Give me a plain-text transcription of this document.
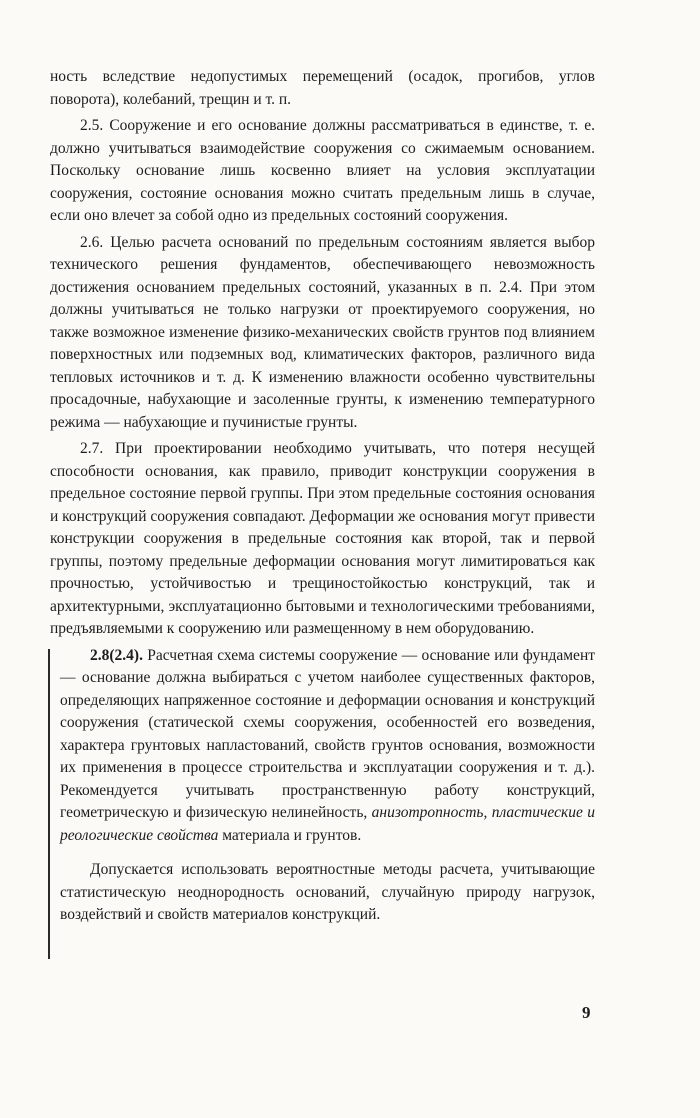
ность вследствие недопустимых перемещений (осадок, прогибов, углов поворота), колебаний, трещин и т. п.

2.5. Сооружение и его основание должны рассматриваться в единстве, т. е. должно учитываться взаимодействие сооружения со сжимаемым основанием. Поскольку основание лишь косвенно влияет на условия эксплуатации сооружения, состояние основания можно считать предельным лишь в случае, если оно влечет за собой одно из предельных состояний сооружения.

2.6. Целью расчета оснований по предельным состояниям является выбор технического решения фундаментов, обеспечивающего невозможность достижения основанием предельных состояний, указанных в п. 2.4. При этом должны учитываться не только нагрузки от проектируемого сооружения, но также возможное изменение физико-механических свойств грунтов под влиянием поверхностных или подземных вод, климатических факторов, различного вида тепловых источников и т. д. К изменению влажности особенно чувствительны просадочные, набухающие и засоленные грунты, к изменению температурного режима — набухающие и пучинистые грунты.

2.7. При проектировании необходимо учитывать, что потеря несущей способности основания, как правило, приводит конструкции сооружения в предельное состояние первой группы. При этом предельные состояния основания и конструкций сооружения совпадают. Деформации же основания могут привести конструкции сооружения в предельные состояния как второй, так и первой группы, поэтому предельные деформации основания могут лимитироваться как прочностью, устойчивостью и трещиностойкостью конструкций, так и архитектурными, эксплуатационно бытовыми и технологическими требованиями, предъявляемыми к сооружению или размещенному в нем оборудованию.

2.8(2.4). Расчетная схема системы сооружение — основание или фундамент — основание должна выбираться с учетом наиболее существенных факторов, определяющих напряженное состояние и деформации основания и конструкций сооружения (статической схемы сооружения, особенностей его возведения, характера грунтовых напластований, свойств грунтов основания, возможности их применения в процессе строительства и эксплуатации сооружения и т. д.). Рекомендуется учитывать пространственную работу конструкций, геометрическую и физическую нелинейность, анизотропность, пластические и реологические свойства материала и грунтов.

Допускается использовать вероятностные методы расчета, учитывающие статистическую неоднородность оснований, случайную природу нагрузок, воздействий и свойств материалов конструкций.

9
